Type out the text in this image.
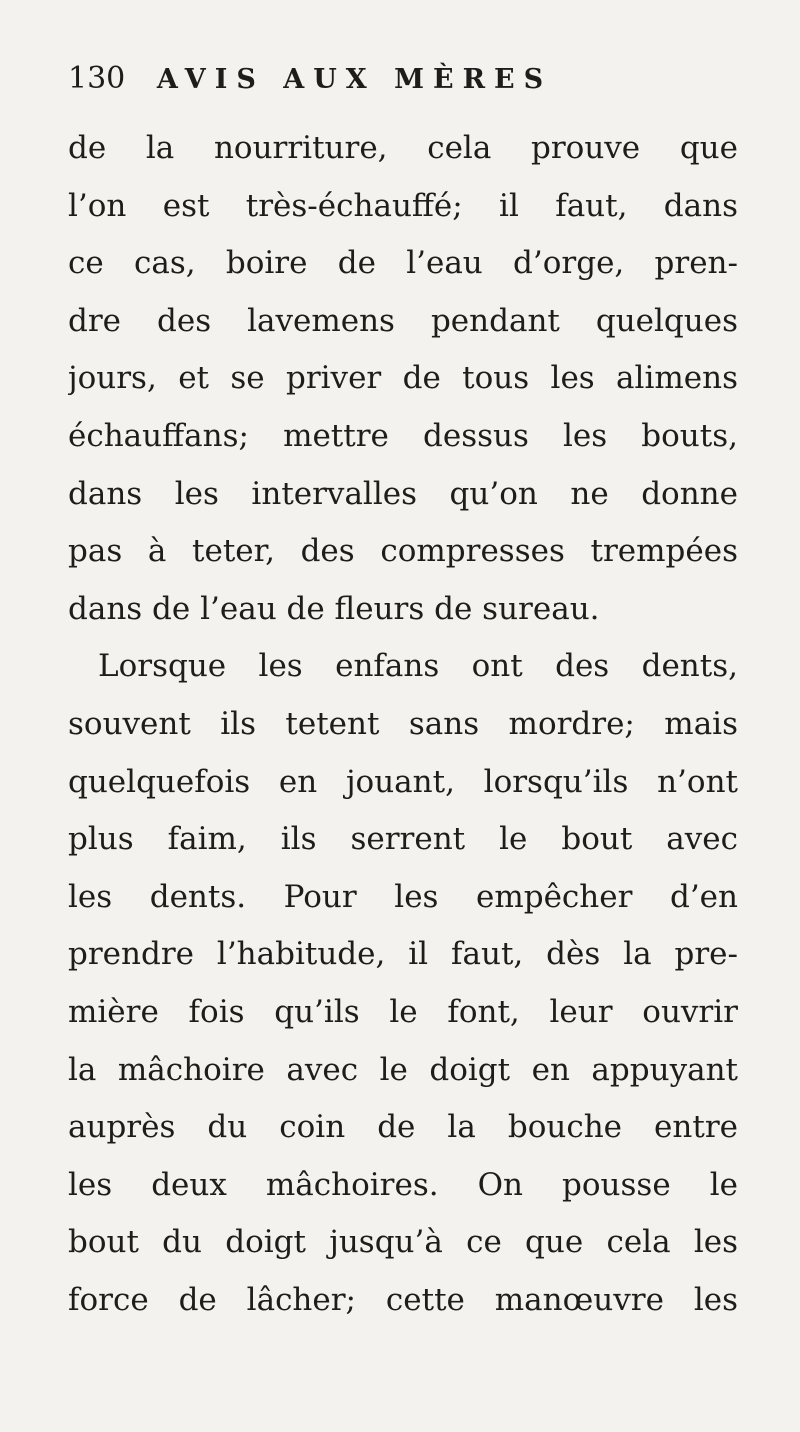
130 AVIS AUX MÈRES
de la nourriture, cela prouve que
l’on est très-échauffé; il faut, dans
ce cas, boire de l’eau d’orge, pren-
dre des lavemens pendant quelques
jours, et se priver de tous les alimens
échauffans; mettre dessus les bouts,
dans les intervalles qu’on ne donne
pas à teter, des compresses trempées
dans de l’eau de fleurs de sureau.
Lorsque les enfans ont des dents,
souvent ils tetent sans mordre; mais
quelquefois en jouant, lorsqu’ils n’ont
plus faim, ils serrent le bout avec
les dents. Pour les empêcher d’en
prendre l’habitude, il faut, dès la pre-
mière fois qu’ils le font, leur ouvrir
la mâchoire avec le doigt en appuyant
auprès du coin de la bouche entre
les deux mâchoires. On pousse le
bout du doigt jusqu’à ce que cela les
force de lâcher; cette manœuvre les
